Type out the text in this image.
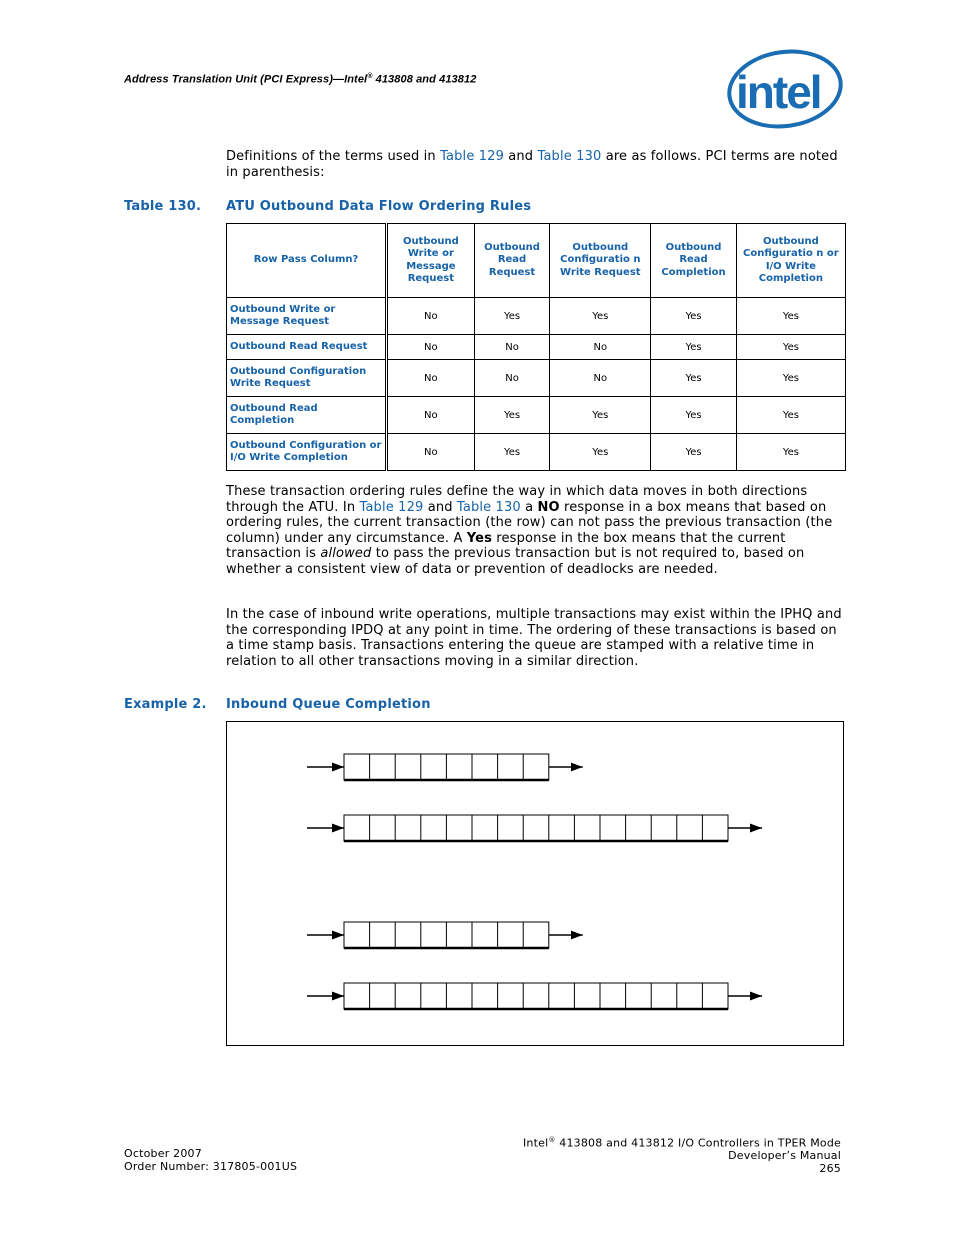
Address Translation Unit (PCI Express)—Intel® 413808 and 413812	intel
Definitions of the terms used in Table 129 and Table 130 are as follows. PCI terms are noted in parenthesis:
Table 130. ATU Outbound Data Flow Ordering Rules
Row Pass Column?	Outbound Write or Message Request	Outbound Read Request	Outbound Configuratio n Write Request	Outbound Read Completion	Outbound Configuratio n or I/O Write Completion
Outbound Write or Message Request	No	Yes	Yes	Yes	Yes
Outbound Read Request	No	No	No	Yes	Yes
Outbound Configuration Write Request	No	No	No	Yes	Yes
Outbound Read Completion	No	Yes	Yes	Yes	Yes
Outbound Configuration or I/O Write Completion	No	Yes	Yes	Yes	Yes
These transaction ordering rules define the way in which data moves in both directions through the ATU. In Table 129 and Table 130 a NO response in a box means that based on ordering rules, the current transaction (the row) can not pass the previous transaction (the column) under any circumstance. A Yes response in the box means that the current transaction is allowed to pass the previous transaction but is not required to, based on whether a consistent view of data or prevention of deadlocks are needed.
In the case of inbound write operations, multiple transactions may exist within the IPHQ and the corresponding IPDQ at any point in time. The ordering of these transactions is based on a time stamp basis. Transactions entering the queue are stamped with a relative time in relation to all other transactions moving in a similar direction.
Example 2. Inbound Queue Completion
October 2007
Order Number: 317805-001US
Intel® 413808 and 413812 I/O Controllers in TPER Mode
Developer’s Manual
265
